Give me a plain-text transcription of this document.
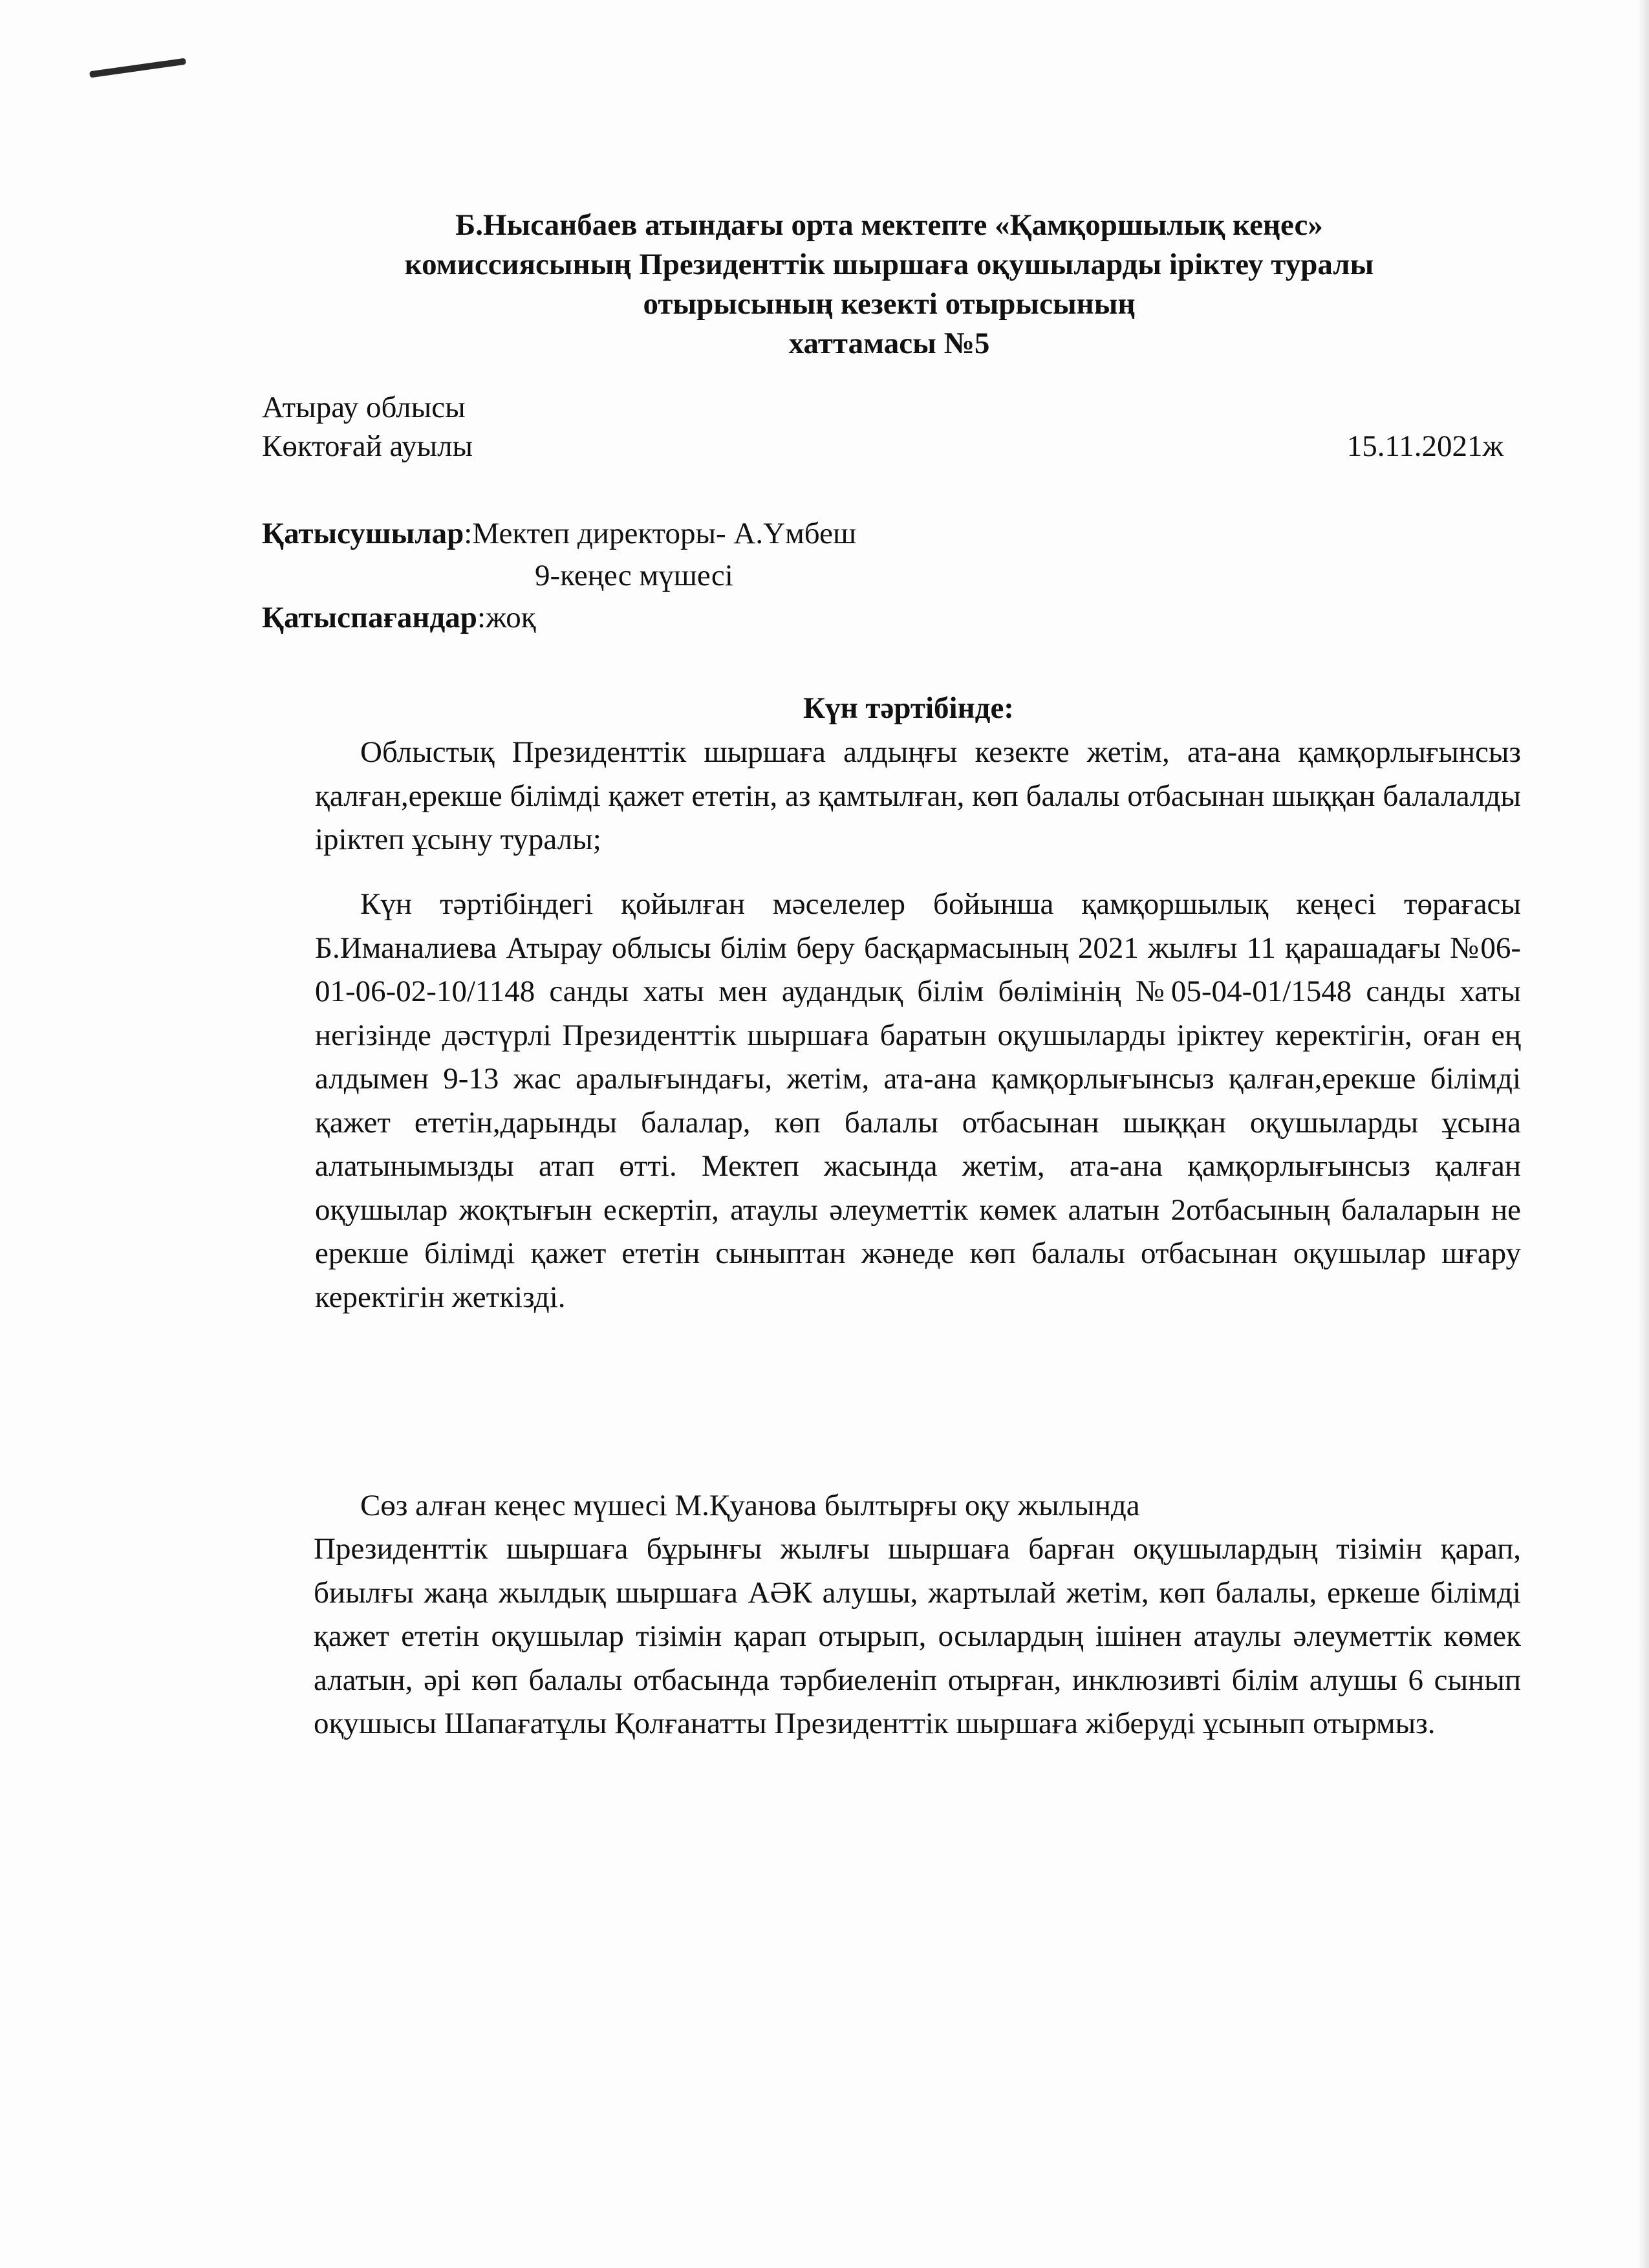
Б.Нысанбаев атындағы орта мектепте «Қамқоршылық кеңес»
комиссиясының Президенттік шыршаға оқушыларды іріктеу туралы
отырысының кезекті отырысының
хаттамасы №5
Атырау облысы
Көктоғай ауылы	15.11.2021ж
Қатысушылар:Мектеп директоры- А.Үмбеш
9-кеңес мүшесі
Қатыспағандар:жоқ
Күн тәртібінде:

Облыстық Президенттік шыршаға алдыңғы кезекте жетім, ата-ана қамқорлығынсыз қалған,ерекше білімді қажет ететін, аз қамтылған, көп балалы отбасынан шыққан балалалды іріктеп ұсыну туралы;

Күн тәртібіндегі қойылған мәселелер бойынша қамқоршылық кеңесі төрағасы Б.Иманалиева Атырау облысы білім беру басқармасының 2021 жылғы 11 қарашадағы №06-01-06-02-10/1148 санды хаты мен аудандық білім бөлімінің №05-04-01/1548 санды хаты негізінде дәстүрлі Президенттік шыршаға баратын оқушыларды іріктеу керектігін, оған ең алдымен 9-13 жас аралығындағы, жетім, ата-ана қамқорлығынсыз қалған,ерекше білімді қажет ететін,дарынды балалар, көп балалы отбасынан шыққан оқушыларды ұсына алатынымызды атап өтті. Мектеп жасында жетім, ата-ана қамқорлығынсыз қалған оқушылар жоқтығын ескертіп, атаулы әлеуметтік көмек алатын 2отбасының балаларын не ерекше білімді қажет ететін сыныптан жәнеде көп балалы отбасынан оқушылар шғару керектігін жеткізді.

Сөз алған кеңес мүшесі М.Қуанова былтырғы оқу жылында

Президенттік шыршаға бұрынғы жылғы шыршаға барған оқушылардың тізімін қарап, биылғы жаңа жылдық шыршаға АӘК алушы, жартылай жетім, көп балалы, еркеше білімді қажет ететін оқушылар тізімін қарап отырып, осылардың ішінен атаулы әлеуметтік көмек алатын, әрі көп балалы отбасында тәрбиеленіп отырған, инклюзивті білім алушы 6 сынып оқушысы Шапағатұлы Қолғанатты Президенттік шыршаға жіберуді ұсынып отырмыз.
